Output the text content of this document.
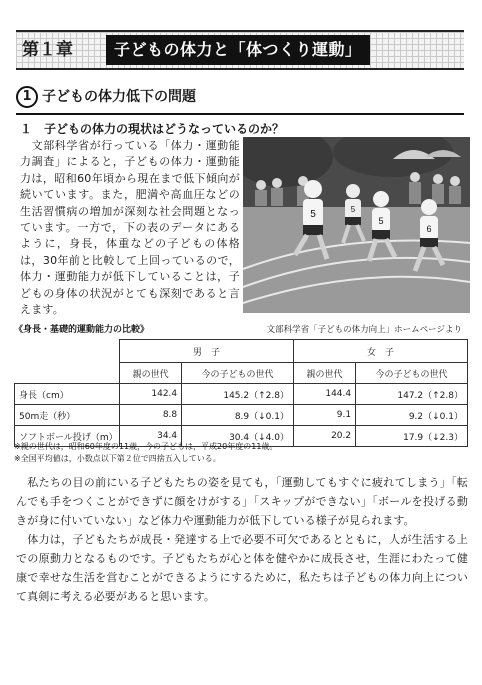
第１章	子どもの体力と「体つくり運動」
1 子どもの体力低下の問題
１　子どもの体力の現状はどうなっているのか？

　文部科学省が行っている「体力・運動能力調査」によると，子どもの体力・運動能力は，昭和60年頃から現在まで低下傾向が続いています。また，肥満や高血圧などの生活習慣病の増加が深刻な社会問題となっています。一方で，下の表のデータにあるように，身長，体重などの子どもの体格は，30年前と比較して上回っているので，体力・運動能力が低下していることは，子どもの身体の状況がとても深刻であると言えます。

5
5
6
5
《身長・基礎的運動能力の比較》	文部科学省「子どもの体力向上」ホームページより
	男　子		女　子	
	親の世代	今の子どもの世代	親の世代	今の子どもの世代
身長（cm）	142.4	145.2（↑2.8）	144.4	147.2（↑2.8）
50m走（秒）	8.8	8.9（↓0.1）	9.1	9.2（↓0.1）
ソフトボール投げ（m）	34.4	30.4（↓4.0）	20.2	17.9（↓2.3）
※親の世代は，昭和60年度の11歳，今の子どもは，平成20年度の11歳。
※全国平均値は，小数点以下第２位で四捨五入している。

　私たちの目の前にいる子どもたちの姿を見ても，「運動してもすぐに疲れてしまう」「転んでも手をつくことができずに顔をけがする」「スキップができない」「ボールを投げる動きが身に付いていない」など体力や運動能力が低下している様子が見られます。

　体力は，子どもたちが成長・発達する上で必要不可欠であるとともに，人が生活する上での原動力となるものです。子どもたちが心と体を健やかに成長させ，生涯にわたって健康で幸せな生活を営むことができるようにするために，私たちは子どもの体力向上について真剣に考える必要があると思います。
